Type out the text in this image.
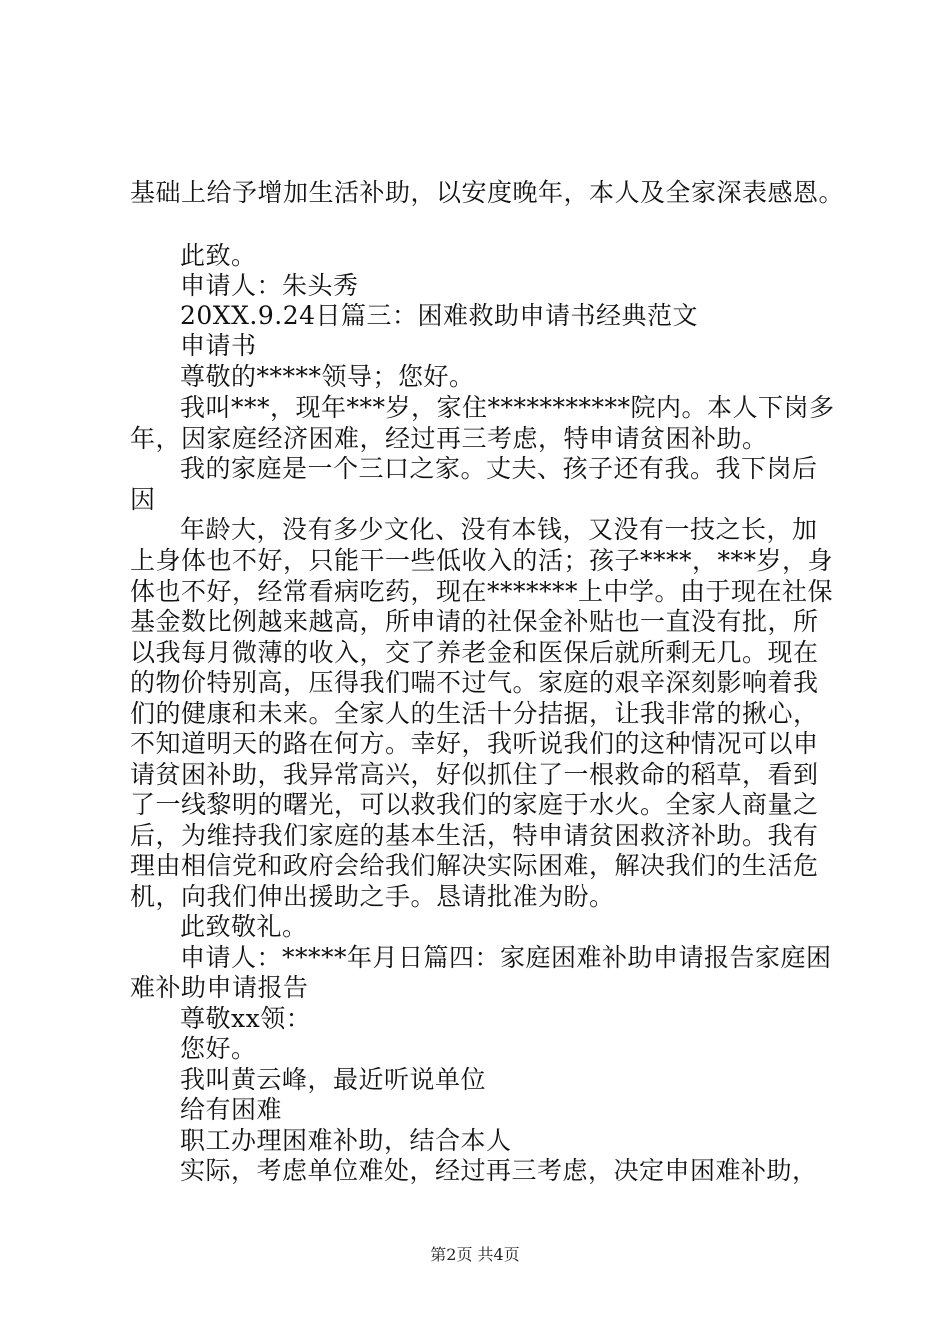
基础上给予增加生活补助，以安度晚年，本人及全家深表感恩。
此致。
申请人：朱头秀
20XX.9.24日篇三：困难救助申请书经典范文
申请书
尊敬的*****领导；您好。
我叫***，现年***岁，家住***********院内。本人下岗多
年，因家庭经济困难，经过再三考虑，特申请贫困补助。
我的家庭是一个三口之家。丈夫、孩子还有我。我下岗后
因
年龄大，没有多少文化、没有本钱，又没有一技之长，加
上身体也不好，只能干一些低收入的活；孩子****，***岁，身
体也不好，经常看病吃药，现在*******上中学。由于现在社保
基金数比例越来越高，所申请的社保金补贴也一直没有批，所
以我每月微薄的收入，交了养老金和医保后就所剩无几。现在
的物价特别高，压得我们喘不过气。家庭的艰辛深刻影响着我
们的健康和未来。全家人的生活十分拮据，让我非常的揪心，
不知道明天的路在何方。幸好，我听说我们的这种情况可以申
请贫困补助，我异常高兴，好似抓住了一根救命的稻草，看到
了一线黎明的曙光，可以救我们的家庭于水火。全家人商量之
后，为维持我们家庭的基本生活，特申请贫困救济补助。我有
理由相信党和政府会给我们解决实际困难，解决我们的生活危
机，向我们伸出援助之手。恳请批准为盼。
此致敬礼。
申请人：*****年月日篇四：家庭困难补助申请报告家庭困
难补助申请报告
尊敬xx领：
您好。
我叫黄云峰，最近听说单位
给有困难
职工办理困难补助，结合本人
实际，考虑单位难处，经过再三考虑，决定申困难补助，
第2页 共4页
